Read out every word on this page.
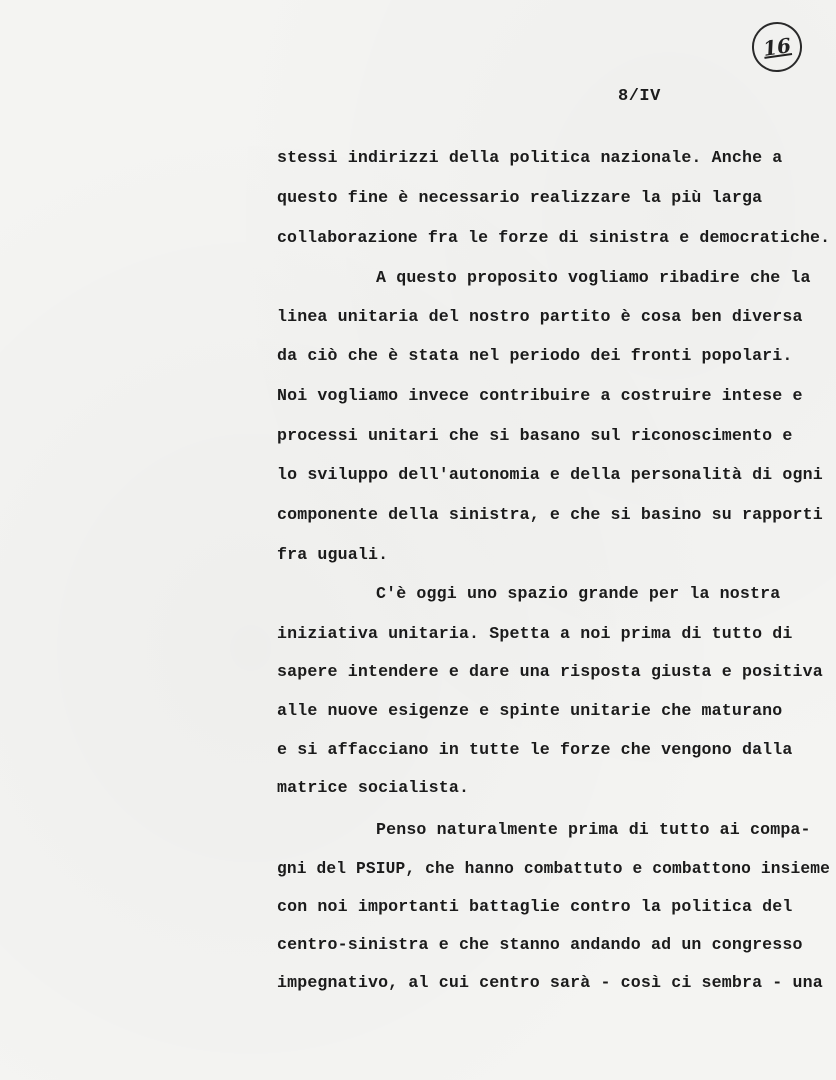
16
8/IV
stessi indirizzi della politica nazionale. Anche a
questo fine è necessario realizzare la più larga
collaborazione fra le forze di sinistra e democratiche.
A questo proposito vogliamo ribadire che la
linea unitaria del nostro partito è cosa ben diversa
da ciò che è stata nel periodo dei fronti popolari.
Noi vogliamo invece contribuire a costruire intese e
processi unitari che si basano sul riconoscimento e
lo sviluppo dell'autonomia e della personalità di ogni
componente della sinistra, e che si basino su rapporti
fra uguali.
C'è oggi uno spazio grande per la nostra
iniziativa unitaria. Spetta a noi prima di tutto di
sapere intendere e dare una risposta giusta e positiva
alle nuove esigenze e spinte unitarie che maturano
e si affacciano in tutte le forze che vengono dalla
matrice socialista.
Penso naturalmente prima di tutto ai compa-
gni del PSIUP, che hanno combattuto e combattono insieme
con noi importanti battaglie contro la politica del
centro-sinistra e che stanno andando ad un congresso
impegnativo, al cui centro sarà - così ci sembra - una
